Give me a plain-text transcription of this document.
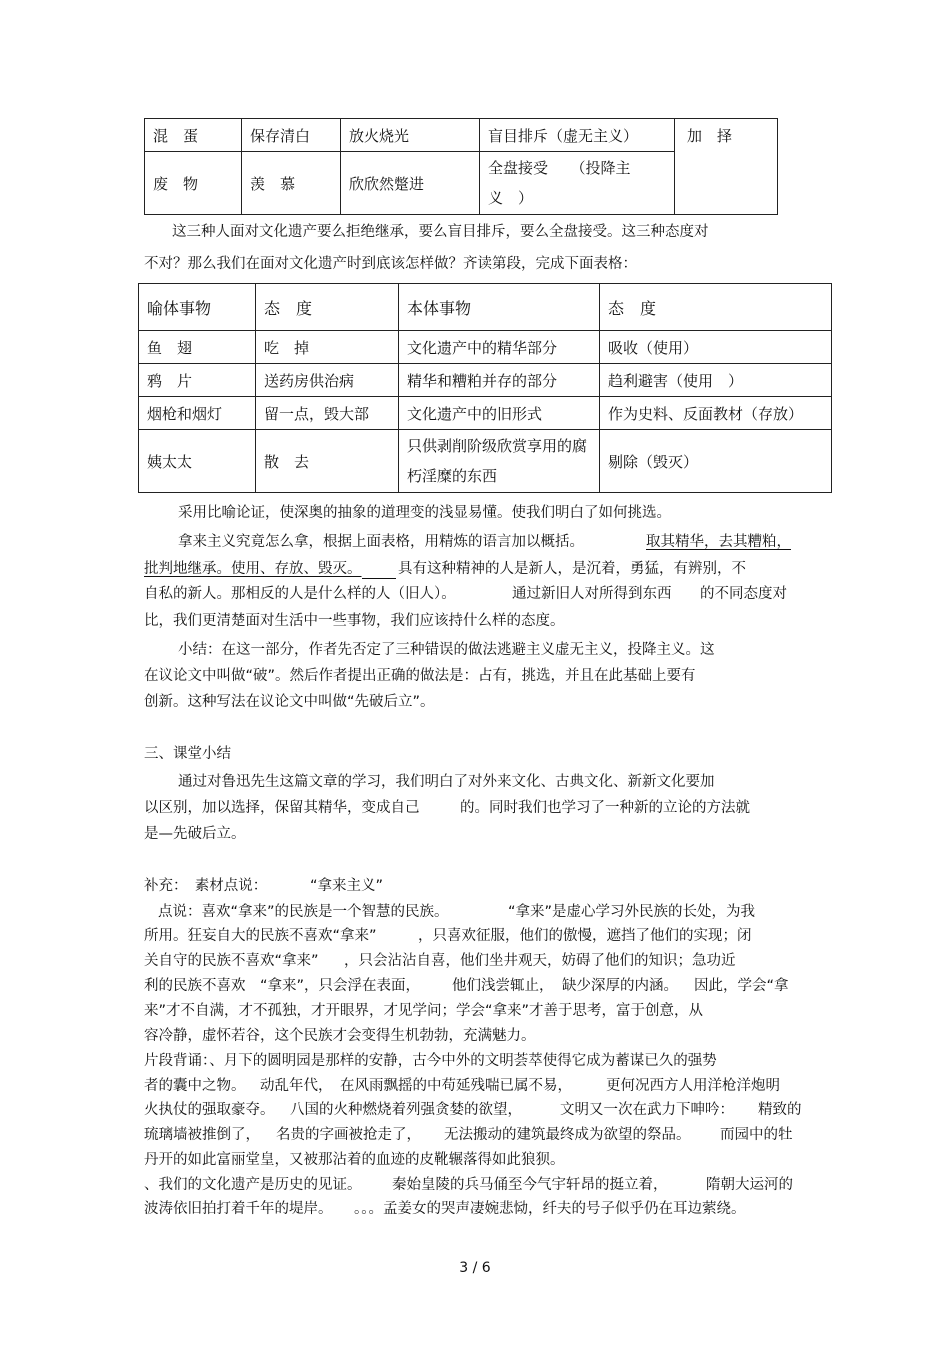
混　蛋	保存清白	放火烧光	盲目排斥（虚无主义）	加　择
废　物	羡　慕	欣欣然蹩进	全盘接受　　（投降主义　）	
这三种人面对文化遗产要么拒绝继承，要么盲目排斥，要么全盘接受。这三种态度对
不对？那么我们在面对文化遗产时到底该怎样做？齐读第段，完成下面表格：
喻体事物	态　度	本体事物	态　度
鱼　翅	吃　掉	文化遗产中的精华部分	吸收（使用）
鸦　片	送药房供治病	精华和糟粕并存的部分	趋利避害（使用　）
烟枪和烟灯	留一点，毁大部	文化遗产中的旧形式	作为史料、反面教材（存放）
姨太太	散　去	只供剥削阶级欣赏享用的腐朽淫糜的东西	剔除（毁灭）
采用比喻论证，使深奥的抽象的道理变的浅显易懂。使我们明白了如何挑选。
拿来主义究竟怎么拿，根据上面表格，用精炼的语言加以概括。	取其精华，去其糟粕，
批判地继承。使用、存放、毁灭。	具有这种精神的人是新人，是沉着，勇猛，有辨别，不
自私的新人。那相反的人是什么样的人（旧人）。	通过新旧人对所得到东西 的不同态度对
比，我们更清楚面对生活中一些事物，我们应该持什么样的态度。
小结：在这一部分，作者先否定了三种错误的做法逃避主义虚无主义，投降主义。这
在议论文中叫做“破”。然后作者提出正确的做法是：占有，挑选，并且在此基础上要有
创新。这种写法在议论文中叫做“先破后立”。
三、课堂小结
通过对鲁迅先生这篇文章的学习，我们明白了对外来文化、古典文化、新新文化要加
以区别，加以选择，保留其精华，变成自己	的。同时我们也学习了一种新的立论的方法就
是—先破后立。
补充：　素材点说：	“拿来主义”
点说：喜欢“拿来”的民族是一个智慧的民族。	“拿来”是虚心学习外民族的长处，为我
所用。狂妄自大的民族不喜欢“拿来”	，只喜欢征服，他们的傲慢，遮挡了他们的实现；闭
关自守的民族不喜欢“拿来” ，只会沾沾自喜，他们坐井观天，妨碍了他们的知识；急功近
利的民族不喜欢　“拿来”，只会浮在表面， 他们浅尝辄止， 缺少深厚的内涵。 因此，学会“拿
来”才不自满，才不孤独，才开眼界，才见学问；学会“拿来”才善于思考，富于创意，从
容冷静，虚怀若谷，这个民族才会变得生机勃勃，充满魅力。
片段背诵：、月下的圆明园是那样的安静，古今中外的文明荟萃使得它成为蓄谋已久的强势
者的囊中之物。 动乱年代， 在风雨飘摇的中苟延残喘已属不易， 更何况西方人用洋枪洋炮明
火执仗的强取豪夺。 八国的火种燃烧着列强贪婪的欲望，	文明又一次在武力下呻吟： 精致的
琉璃墙被推倒了， 名贵的字画被抢走了， 无法搬动的建筑最终成为欲望的祭品。 而园中的牡
丹开的如此富丽堂皇，又被那沾着的血迹的皮靴辗落得如此狼狈。
、我们的文化遗产是历史的见证。 秦始皇陵的兵马俑至今气宇轩昂的挺立着，	隋朝大运河的
波涛依旧拍打着千年的堤岸。 。。。孟姜女的哭声凄婉悲恸，纤夫的号子似乎仍在耳边萦绕。
3 / 6
